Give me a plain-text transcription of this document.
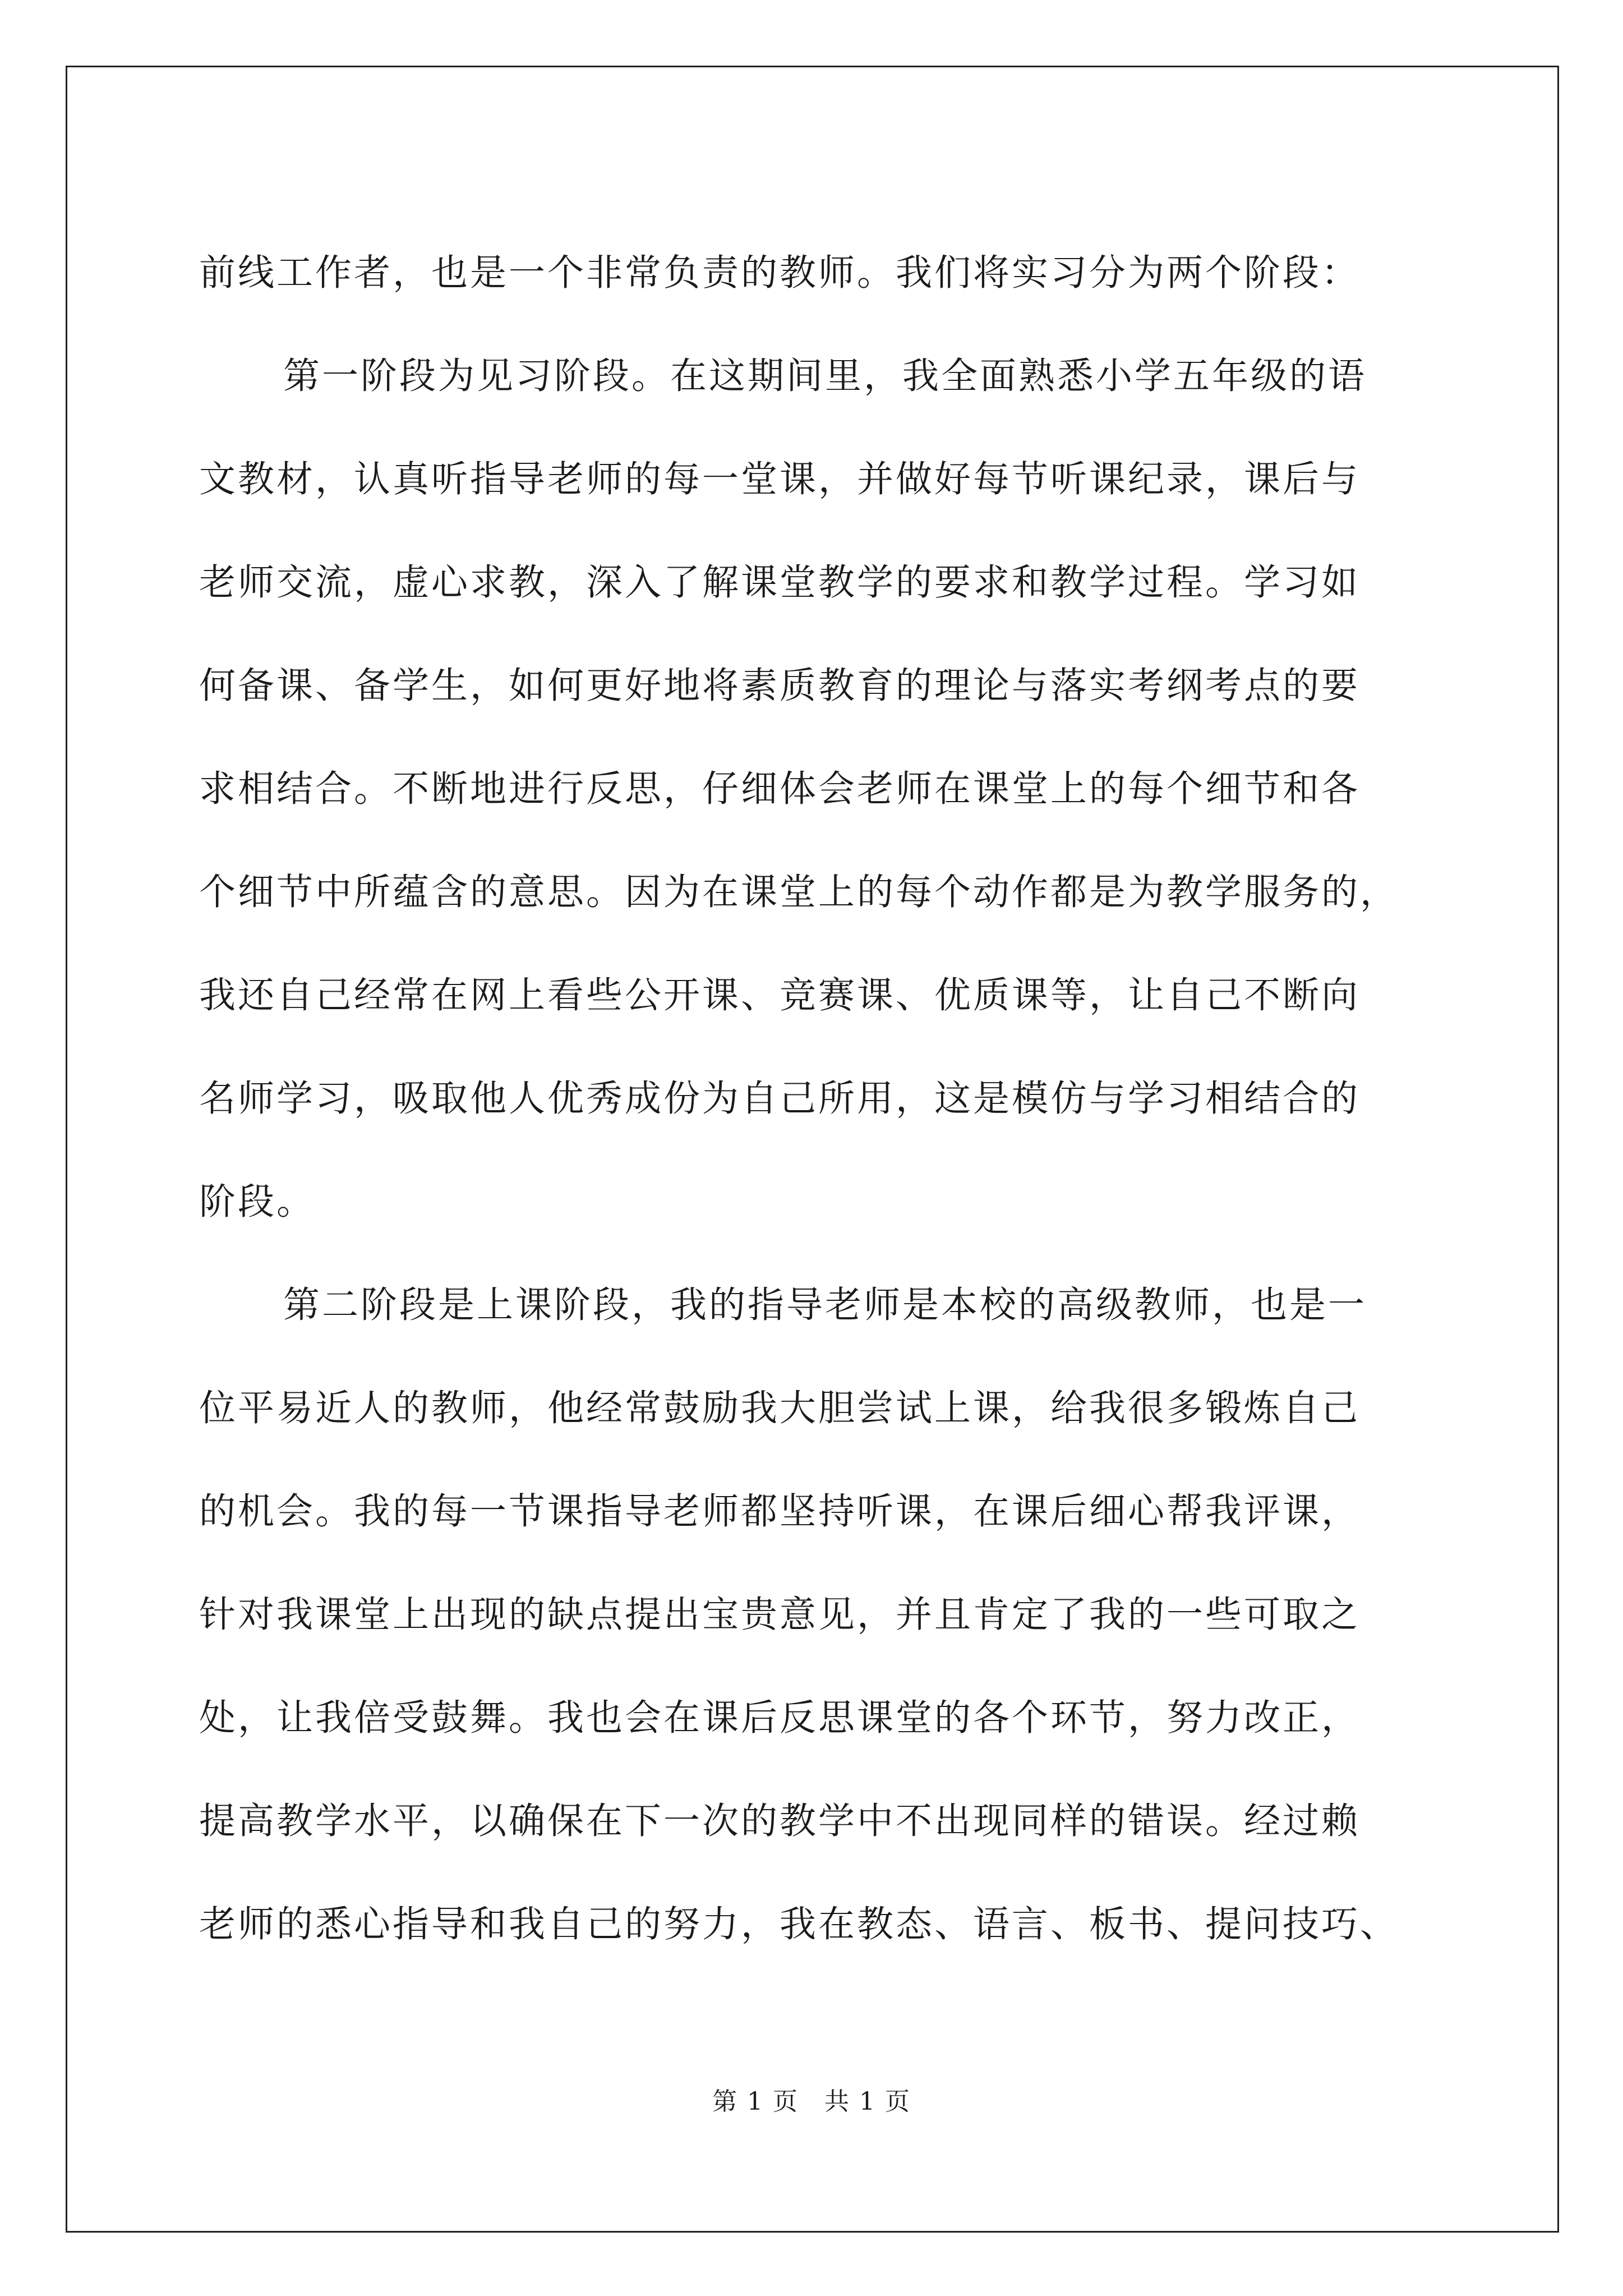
前线工作者，也是一个非常负责的教师。我们将实习分为两个阶段：
第一阶段为见习阶段。在这期间里，我全面熟悉小学五年级的语
文教材，认真听指导老师的每一堂课，并做好每节听课纪录，课后与
老师交流，虚心求教，深入了解课堂教学的要求和教学过程。学习如
何备课、备学生，如何更好地将素质教育的理论与落实考纲考点的要
求相结合。不断地进行反思，仔细体会老师在课堂上的每个细节和各
个细节中所蕴含的意思。因为在课堂上的每个动作都是为教学服务的，
我还自己经常在网上看些公开课、竞赛课、优质课等，让自己不断向
名师学习，吸取他人优秀成份为自己所用，这是模仿与学习相结合的
阶段。
第二阶段是上课阶段，我的指导老师是本校的高级教师，也是一
位平易近人的教师，他经常鼓励我大胆尝试上课，给我很多锻炼自己
的机会。我的每一节课指导老师都坚持听课，在课后细心帮我评课，
针对我课堂上出现的缺点提出宝贵意见，并且肯定了我的一些可取之
处，让我倍受鼓舞。我也会在课后反思课堂的各个环节，努力改正，
提高教学水平，以确保在下一次的教学中不出现同样的错误。经过赖
老师的悉心指导和我自己的努力，我在教态、语言、板书、提问技巧、
第 1 页　共 1 页
